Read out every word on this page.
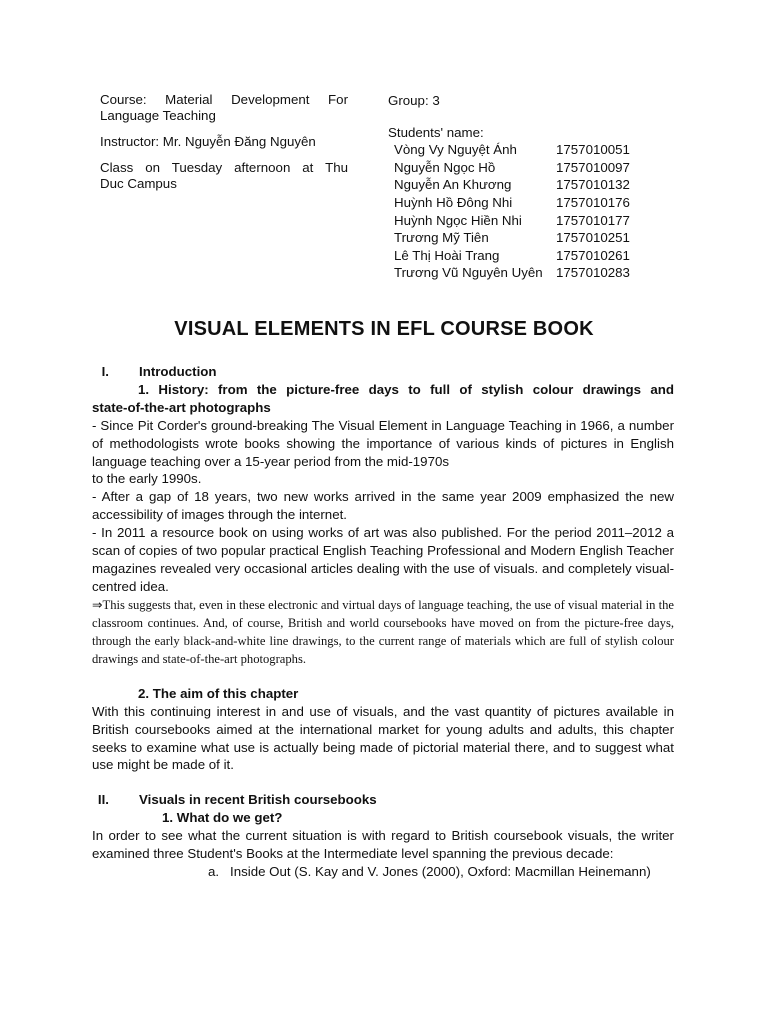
Course: Material Development For
Language Teaching
Instructor: Mr. Nguyễn Đăng Nguyên
Class on Tuesday afternoon at Thu
Duc Campus
Group: 3
Students' name:
Vòng Vy Nguyệt Ánh	1757010051
Nguyễn Ngọc Hồ	1757010097
Nguyễn An Khương	1757010132
Huỳnh Hồ Đông Nhi	1757010176
Huỳnh Ngọc Hiền Nhi	1757010177
Trương Mỹ Tiên	1757010251
Lê Thị Hoài Trang	1757010261
Trương Vũ Nguyên Uyên	1757010283
VISUAL ELEMENTS IN EFL COURSE BOOK
I. Introduction
1. History: from the picture-free days to full of stylish colour drawings and
state-of-the-art photographs
- Since Pit Corder's ground-breaking The Visual Element in Language Teaching in 1966, a number of methodologists wrote books showing the importance of various kinds of pictures in English language teaching over a 15-year period from the mid-1970s
to the early 1990s.
- After a gap of 18 years, two new works arrived in the same year 2009 emphasized the new accessibility of images through the internet.
- In 2011 a resource book on using works of art was also published. For the period 2011–2012 a scan of copies of two popular practical English Teaching Professional and Modern English Teacher magazines revealed very occasional articles dealing with the use of visuals. and completely visual-centred idea.
⇒This suggests that, even in these electronic and virtual days of language teaching, the use of visual material in the classroom continues. And, of course, British and world coursebooks have moved on from the picture-free days, through the early black-and-white line drawings, to the current range of materials which are full of stylish colour drawings and state-of-the-art photographs.
2. The aim of this chapter
With this continuing interest in and use of visuals, and the vast quantity of pictures available in British coursebooks aimed at the international market for young adults and adults, this chapter seeks to examine what use is actually being made of pictorial material there, and to suggest what use might be made of it.
II. Visuals in recent British coursebooks
1. What do we get?
In order to see what the current situation is with regard to British coursebook visuals, the writer examined three Student's Books at the Intermediate level spanning the previous decade:
a. Inside Out (S. Kay and V. Jones (2000), Oxford: Macmillan Heinemann)
